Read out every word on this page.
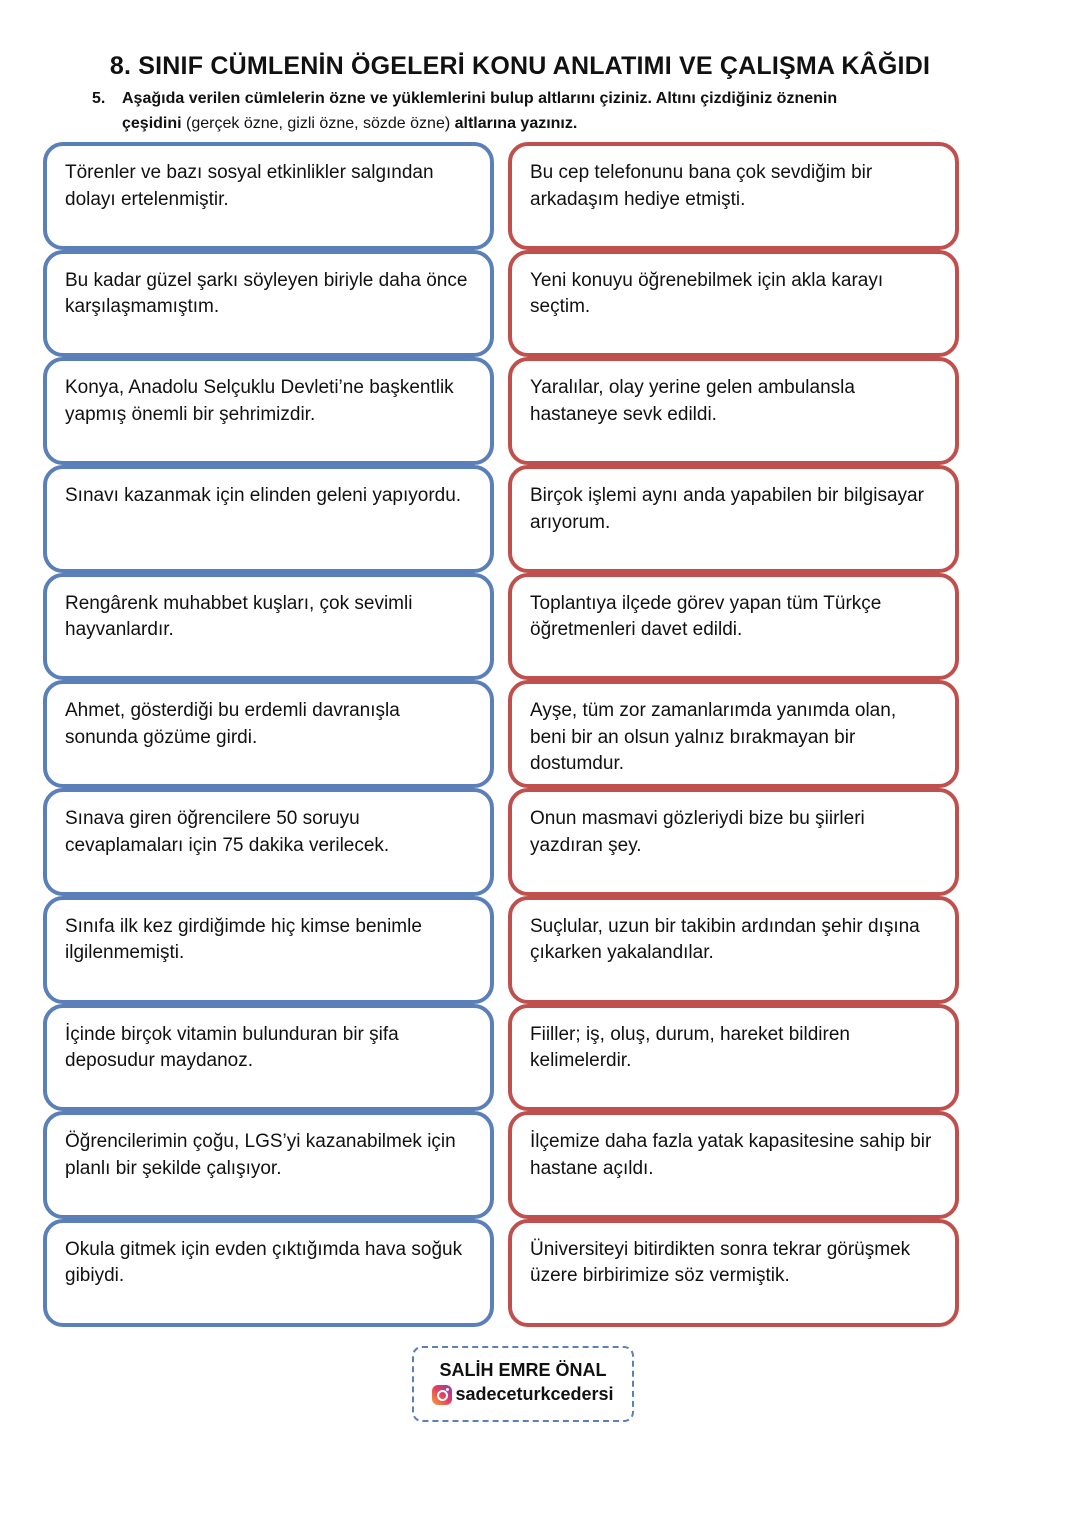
8. SINIF CÜMLENİN ÖGELERİ KONU ANLATIMI VE ÇALIŞMA KÂĞIDI
5. Aşağıda verilen cümlelerin özne ve yüklemlerini bulup altlarını çiziniz. Altını çizdiğiniz öznenin
çeşidini (gerçek özne, gizli özne, sözde özne) altlarına yazınız.
Törenler ve bazı sosyal etkinlikler salgından dolayı ertelenmiştir.
Bu cep telefonunu bana çok sevdiğim bir arkadaşım hediye etmişti.
Bu kadar güzel şarkı söyleyen biriyle daha önce karşılaşmamıştım.
Yeni konuyu öğrenebilmek için akla karayı seçtim.
Konya, Anadolu Selçuklu Devleti’ne başkentlik yapmış önemli bir şehrimizdir.
Yaralılar, olay yerine gelen ambulansla hastaneye sevk edildi.
Sınavı kazanmak için elinden geleni yapıyordu.	Birçok işlemi aynı anda yapabilen bir bilgisayar arıyorum.
Rengârenk muhabbet kuşları, çok sevimli hayvanlardır.
Toplantıya ilçede görev yapan tüm Türkçe öğretmenleri davet edildi.
Ahmet, gösterdiği bu erdemli davranışla sonunda gözüme girdi.
Ayşe, tüm zor zamanlarımda yanımda olan, beni bir an olsun yalnız bırakmayan bir dostumdur.
Sınava giren öğrencilere 50 soruyu cevaplamaları için 75 dakika verilecek.
Onun masmavi gözleriydi bize bu şiirleri yazdıran şey.
Sınıfa ilk kez girdiğimde hiç kimse benimle ilgilenmemişti.
Suçlular, uzun bir takibin ardından şehir dışına çıkarken yakalandılar.
İçinde birçok vitamin bulunduran bir şifa deposudur maydanoz.
Fiiller; iş, oluş, durum, hareket bildiren kelimelerdir.
Öğrencilerimin çoğu, LGS’yi kazanabilmek için planlı bir şekilde çalışıyor.
İlçemize daha fazla yatak kapasitesine sahip bir hastane açıldı.
Okula gitmek için evden çıktığımda hava soğuk gibiydi.
Üniversiteyi bitirdikten sonra tekrar görüşmek üzere birbirimize söz vermiştik.
SALİH EMRE ÖNAL
sadeceturkcedersi
